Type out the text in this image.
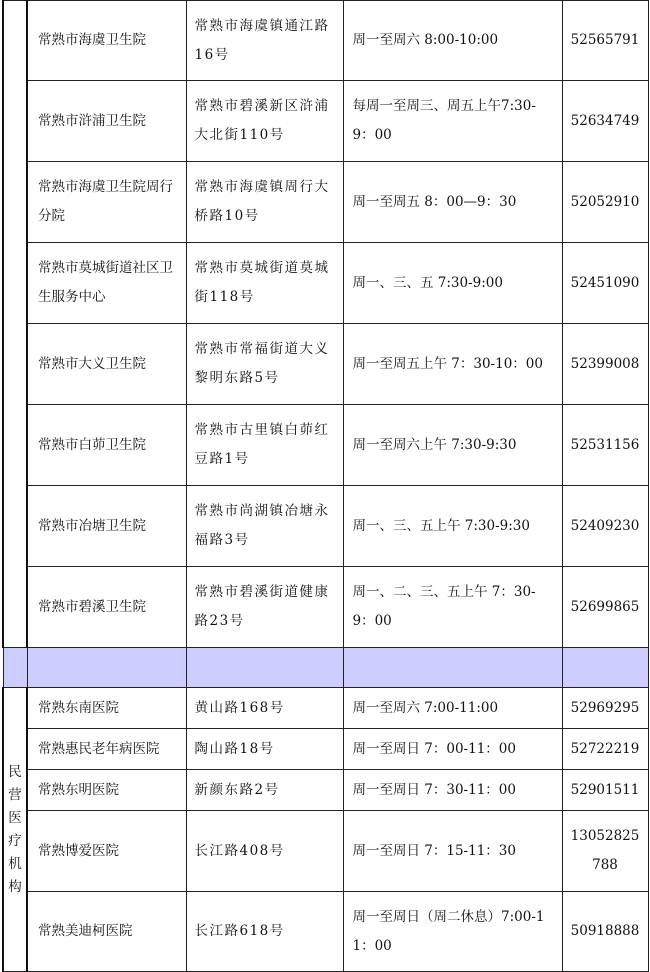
	常熟市海虞卫生院	常熟市海虞镇通江路16号	周一至周六 8:00-10:00	52565791
	常熟市浒浦卫生院	常熟市碧溪新区浒浦大北街110号	每周一至周三、周五上午7:30-9：00	52634749
	常熟市海虞卫生院周行分院	常熟市海虞镇周行大桥路10号	周一至周五 8：00—9：30	52052910
	常熟市莫城街道社区卫生服务中心	常熟市莫城街道莫城街118号	周一、三、五 7:30-9:00	52451090
	常熟市大义卫生院	常熟市常福街道大义黎明东路5号	周一至周五上午 7：30-10：00	52399008
	常熟市白茆卫生院	常熟市古里镇白茆红豆路1号	周一至周六上午 7:30-9:30	52531156
	常熟市冶塘卫生院	常熟市尚湖镇冶塘永福路3号	周一、三、五上午 7:30-9:30	52409230
	常熟市碧溪卫生院	常熟市碧溪街道健康路23号	周一、二、三、五上午 7：30-9：00	52699865

民营医疗机构	常熟东南医院	黄山路168号	周一至周六 7:00-11:00	52969295
	常熟惠民老年病医院	陶山路18号	周一至周日 7：00-11：00	52722219
	常熟东明医院	新颜东路2号	周一至周日 7：30-11：00	52901511
	常熟博爱医院	长江路408号	周一至周日 7：15-11：30	13052825788
	常熟美迪柯医院	长江路618号	周一至周日（周二休息）7:00-11：00	50918888
